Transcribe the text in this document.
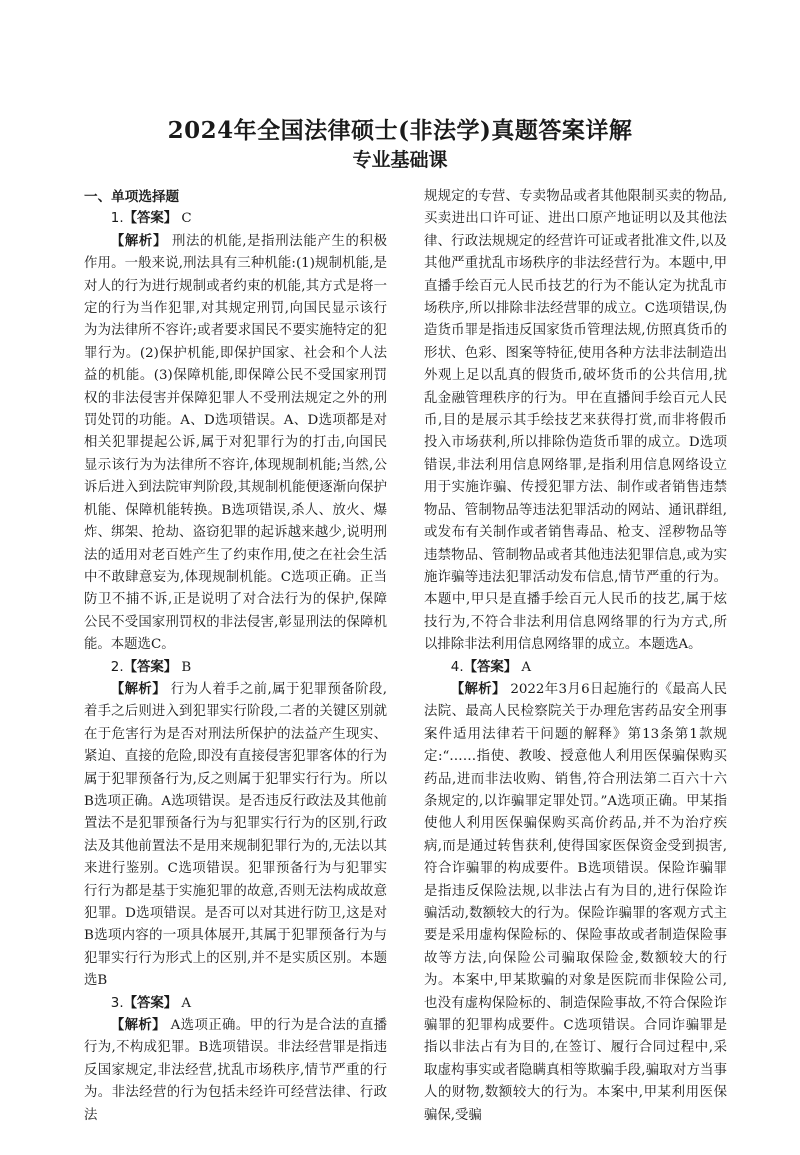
2024年全国法律硕士(非法学)真题答案详解
专业基础课

一、单项选择题

1.【答案】 C

【解析】 刑法的机能,是指刑法能产生的积极作用。一般来说,刑法具有三种机能:(1)规制机能,是对人的行为进行规制或者约束的机能,其方式是将一定的行为当作犯罪,对其规定刑罚,向国民显示该行为为法律所不容许;或者要求国民不要实施特定的犯罪行为。(2)保护机能,即保护国家、社会和个人法益的机能。(3)保障机能,即保障公民不受国家刑罚权的非法侵害并保障犯罪人不受刑法规定之外的刑罚处罚的功能。A、D选项错误。A、D选项都是对相关犯罪提起公诉,属于对犯罪行为的打击,向国民显示该行为为法律所不容许,体现规制机能;当然,公诉后进入到法院审判阶段,其规制机能便逐渐向保护机能、保障机能转换。B选项错误,杀人、放火、爆炸、绑架、抢劫、盗窃犯罪的起诉越来越少,说明刑法的适用对老百姓产生了约束作用,使之在社会生活中不敢肆意妄为,体现规制机能。C选项正确。正当防卫不捕不诉,正是说明了对合法行为的保护,保障公民不受国家刑罚权的非法侵害,彰显刑法的保障机能。本题选C。

2.【答案】 B

【解析】 行为人着手之前,属于犯罪预备阶段,着手之后则进入到犯罪实行阶段,二者的关键区别就在于危害行为是否对刑法所保护的法益产生现实、紧迫、直接的危险,即没有直接侵害犯罪客体的行为属于犯罪预备行为,反之则属于犯罪实行行为。所以B选项正确。A选项错误。是否违反行政法及其他前置法不是犯罪预备行为与犯罪实行行为的区别,行政法及其他前置法不是用来规制犯罪行为的,无法以其来进行鉴别。C选项错误。犯罪预备行为与犯罪实行行为都是基于实施犯罪的故意,否则无法构成故意犯罪。D选项错误。是否可以对其进行防卫,这是对B选项内容的一项具体展开,其属于犯罪预备行为与犯罪实行行为形式上的区别,并不是实质区别。本题选B

3.【答案】 A

【解析】 A选项正确。甲的行为是合法的直播行为,不构成犯罪。B选项错误。非法经营罪是指违反国家规定,非法经营,扰乱市场秩序,情节严重的行为。非法经营的行为包括未经许可经营法律、行政法

规规定的专营、专卖物品或者其他限制买卖的物品,买卖进出口许可证、进出口原产地证明以及其他法律、行政法规规定的经营许可证或者批准文件,以及其他严重扰乱市场秩序的非法经营行为。本题中,甲直播手绘百元人民币技艺的行为不能认定为扰乱市场秩序,所以排除非法经营罪的成立。C选项错误,伪造货币罪是指违反国家货币管理法规,仿照真货币的形状、色彩、图案等特征,使用各种方法非法制造出外观上足以乱真的假货币,破坏货币的公共信用,扰乱金融管理秩序的行为。甲在直播间手绘百元人民币,目的是展示其手绘技艺来获得打赏,而非将假币投入市场获利,所以排除伪造货币罪的成立。D选项错误,非法利用信息网络罪,是指利用信息网络设立用于实施诈骗、传授犯罪方法、制作或者销售违禁物品、管制物品等违法犯罪活动的网站、通讯群组,或发布有关制作或者销售毒品、枪支、淫秽物品等违禁物品、管制物品或者其他违法犯罪信息,或为实施诈骗等违法犯罪活动发布信息,情节严重的行为。本题中,甲只是直播手绘百元人民币的技艺,属于炫技行为,不符合非法利用信息网络罪的行为方式,所以排除非法利用信息网络罪的成立。本题选A。

4.【答案】 A

【解析】 2022年3月6日起施行的《最高人民法院、最高人民检察院关于办理危害药品安全刑事案件适用法律若干问题的解释》第13条第1款规定:“……指使、教唆、授意他人利用医保骗保购买药品,进而非法收购、销售,符合刑法第二百六十六条规定的,以诈骗罪定罪处罚。”A选项正确。甲某指使他人利用医保骗保购买高价药品,并不为治疗疾病,而是通过转售获利,使得国家医保资金受到损害,符合诈骗罪的构成要件。B选项错误。保险诈骗罪是指违反保险法规,以非法占有为目的,进行保险诈骗活动,数额较大的行为。保险诈骗罪的客观方式主要是采用虚构保险标的、保险事故或者制造保险事故等方法,向保险公司骗取保险金,数额较大的行为。本案中,甲某欺骗的对象是医院而非保险公司,也没有虚构保险标的、制造保险事故,不符合保险诈骗罪的犯罪构成要件。C选项错误。合同诈骗罪是指以非法占有为目的,在签订、履行合同过程中,采取虚构事实或者隐瞒真相等欺骗手段,骗取对方当事人的财物,数额较大的行为。本案中,甲某利用医保骗保,受骗
